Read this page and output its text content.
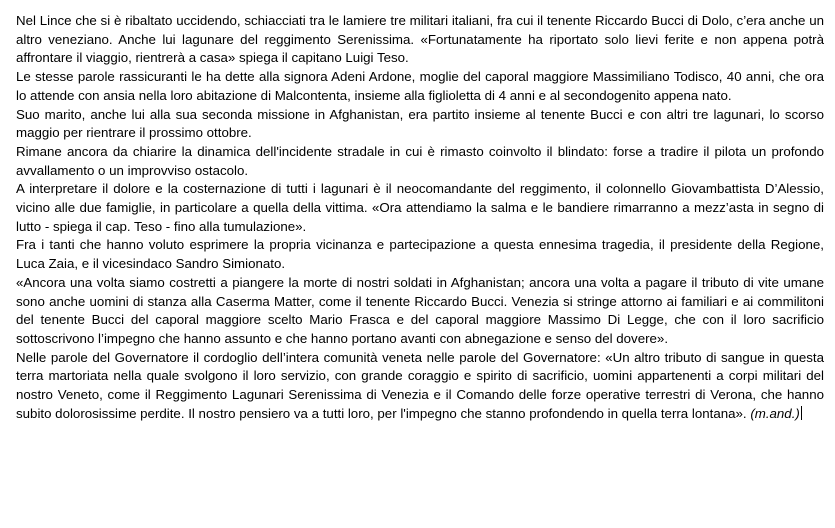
Nel Lince che si è ribaltato uccidendo, schiacciati tra le lamiere tre militari italiani, fra cui il tenente Riccardo Bucci di Dolo, c’era anche un altro veneziano. Anche lui lagunare del reggimento Serenissima. «Fortunatamente ha riportato solo lievi ferite e non appena potrà affrontare il viaggio, rientrerà a casa» spiega il capitano Luigi Teso.

Le stesse parole rassicuranti le ha dette alla signora Adeni Ardone, moglie del caporal maggiore Massimiliano Todisco, 40 anni, che ora lo attende con ansia nella loro abitazione di Malcontenta, insieme alla figlioletta di 4 anni e al secondogenito appena nato.

Suo marito, anche lui alla sua seconda missione in Afghanistan, era partito insieme al tenente Bucci e con altri tre lagunari, lo scorso maggio per rientrare il prossimo ottobre.

Rimane ancora da chiarire la dinamica dell'incidente stradale in cui è rimasto coinvolto il blindato: forse a tradire il pilota un profondo avvallamento o un improvviso ostacolo.

A interpretare il dolore e la costernazione di tutti i lagunari è il neocomandante del reggimento, il colonnello Giovambattista D’Alessio, vicino alle due famiglie, in particolare a quella della vittima. «Ora attendiamo la salma e le bandiere rimarranno a mezz’asta in segno di lutto - spiega il cap. Teso - fino alla tumulazione».

Fra i tanti che hanno voluto esprimere la propria vicinanza e partecipazione a questa ennesima tragedia, il presidente della Regione, Luca Zaia, e il vicesindaco Sandro Simionato.

«Ancora una volta siamo costretti a piangere la morte di nostri soldati in Afghanistan; ancora una volta a pagare il tributo di vite umane sono anche uomini di stanza alla Caserma Matter, come il tenente Riccardo Bucci. Venezia si stringe attorno ai familiari e ai commilitoni del tenente Bucci del caporal maggiore scelto Mario Frasca e del caporal maggiore Massimo Di Legge, che con il loro sacrificio sottoscrivono l’impegno che hanno assunto e che hanno portano avanti con abnegazione e senso del dovere».

Nelle parole del Governatore il cordoglio dell’intera comunità veneta nelle parole del Governatore: «Un altro tributo di sangue in questa terra martoriata nella quale svolgono il loro servizio, con grande coraggio e spirito di sacrificio, uomini appartenenti a corpi militari del nostro Veneto, come il Reggimento Lagunari Serenissima di Venezia e il Comando delle forze operative terrestri di Verona, che hanno subito dolorosissime perdite. Il nostro pensiero va a tutti loro, per l'impegno che stanno profondendo in quella terra lontana». (m.and.)
